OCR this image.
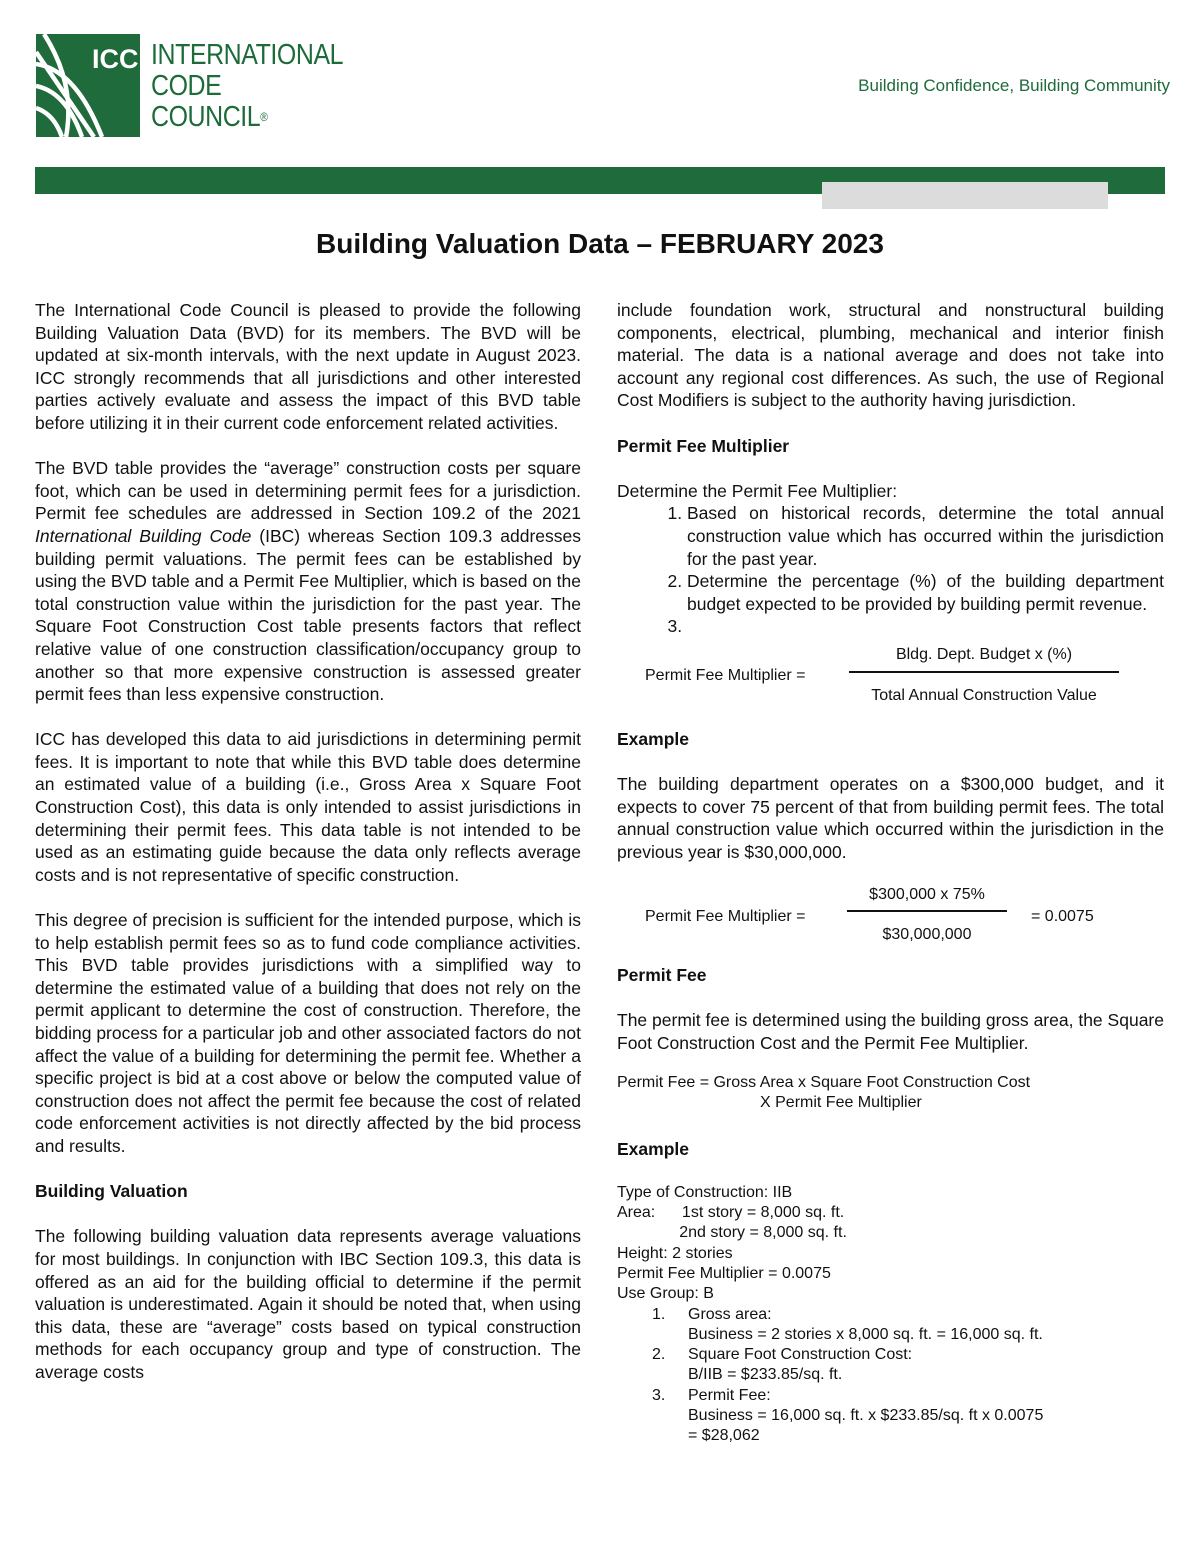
ICC INTERNATIONAL
CODE
COUNCIL®
Building Confidence, Building Community
Building Valuation Data – FEBRUARY 2023

The International Code Council is pleased to provide the following Building Valuation Data (BVD) for its members. The BVD will be updated at six-month intervals, with the next update in August 2023. ICC strongly recommends that all jurisdictions and other interested parties actively evaluate and assess the impact of this BVD table before utilizing it in their current code enforcement related activities.

The BVD table provides the “average” construction costs per square foot, which can be used in determining permit fees for a jurisdiction. Permit fee schedules are addressed in Section 109.2 of the 2021 International Building Code (IBC) whereas Section 109.3 addresses building permit valuations. The permit fees can be established by using the BVD table and a Permit Fee Multiplier, which is based on the total construction value within the jurisdiction for the past year. The Square Foot Construction Cost table presents factors that reflect relative value of one construction classification/occupancy group to another so that more expensive construction is assessed greater permit fees than less expensive construction.

ICC has developed this data to aid jurisdictions in determining permit fees. It is important to note that while this BVD table does determine an estimated value of a building (i.e., Gross Area x Square Foot Construction Cost), this data is only intended to assist jurisdictions in determining their permit fees. This data table is not intended to be used as an estimating guide because the data only reflects average costs and is not representative of specific construction.

This degree of precision is sufficient for the intended purpose, which is to help establish permit fees so as to fund code compliance activities. This BVD table provides jurisdictions with a simplified way to determine the estimated value of a building that does not rely on the permit applicant to determine the cost of construction. Therefore, the bidding process for a particular job and other associated factors do not affect the value of a building for determining the permit fee. Whether a specific project is bid at a cost above or below the computed value of construction does not affect the permit fee because the cost of related code enforcement activities is not directly affected by the bid process and results.

Building Valuation

The following building valuation data represents average valuations for most buildings. In conjunction with IBC Section 109.3, this data is offered as an aid for the building official to determine if the permit valuation is underestimated. Again it should be noted that, when using this data, these are “average” costs based on typical construction methods for each occupancy group and type of construction. The average costs

include foundation work, structural and nonstructural building components, electrical, plumbing, mechanical and interior finish material. The data is a national average and does not take into account any regional cost differences. As such, the use of Regional Cost Modifiers is subject to the authority having jurisdiction.

Permit Fee Multiplier
Determine the Permit Fee Multiplier:
1. Based on historical records, determine the total annual construction value which has occurred within the jurisdiction for the past year.
2. Determine the percentage (%) of the building department budget expected to be provided by building permit revenue.
3.
Permit Fee Multiplier =
Bldg. Dept. Budget x (%)
Total Annual Construction Value
Example

The building department operates on a $300,000 budget, and it expects to cover 75 percent of that from building permit fees. The total annual construction value which occurred within the jurisdiction in the previous year is $30,000,000.

Permit Fee Multiplier =
$300,000 x 75%
$30,000,000
= 0.0075
Permit Fee

The permit fee is determined using the building gross area, the Square Foot Construction Cost and the Permit Fee Multiplier.

Permit Fee = Gross Area x Square Foot Construction Cost
X Permit Fee Multiplier
Example
Type of Construction: IIB
Area:      1st story = 8,000 sq. ft.
2nd story = 8,000 sq. ft.
Height: 2 stories
Permit Fee Multiplier = 0.0075
Use Group: B
1. Gross area:
Business = 2 stories x 8,000 sq. ft. = 16,000 sq. ft.
2. Square Foot Construction Cost:
B/IIB = $233.85/sq. ft.
3. Permit Fee:
Business = 16,000 sq. ft. x $233.85/sq. ft x 0.0075
= $28,062
